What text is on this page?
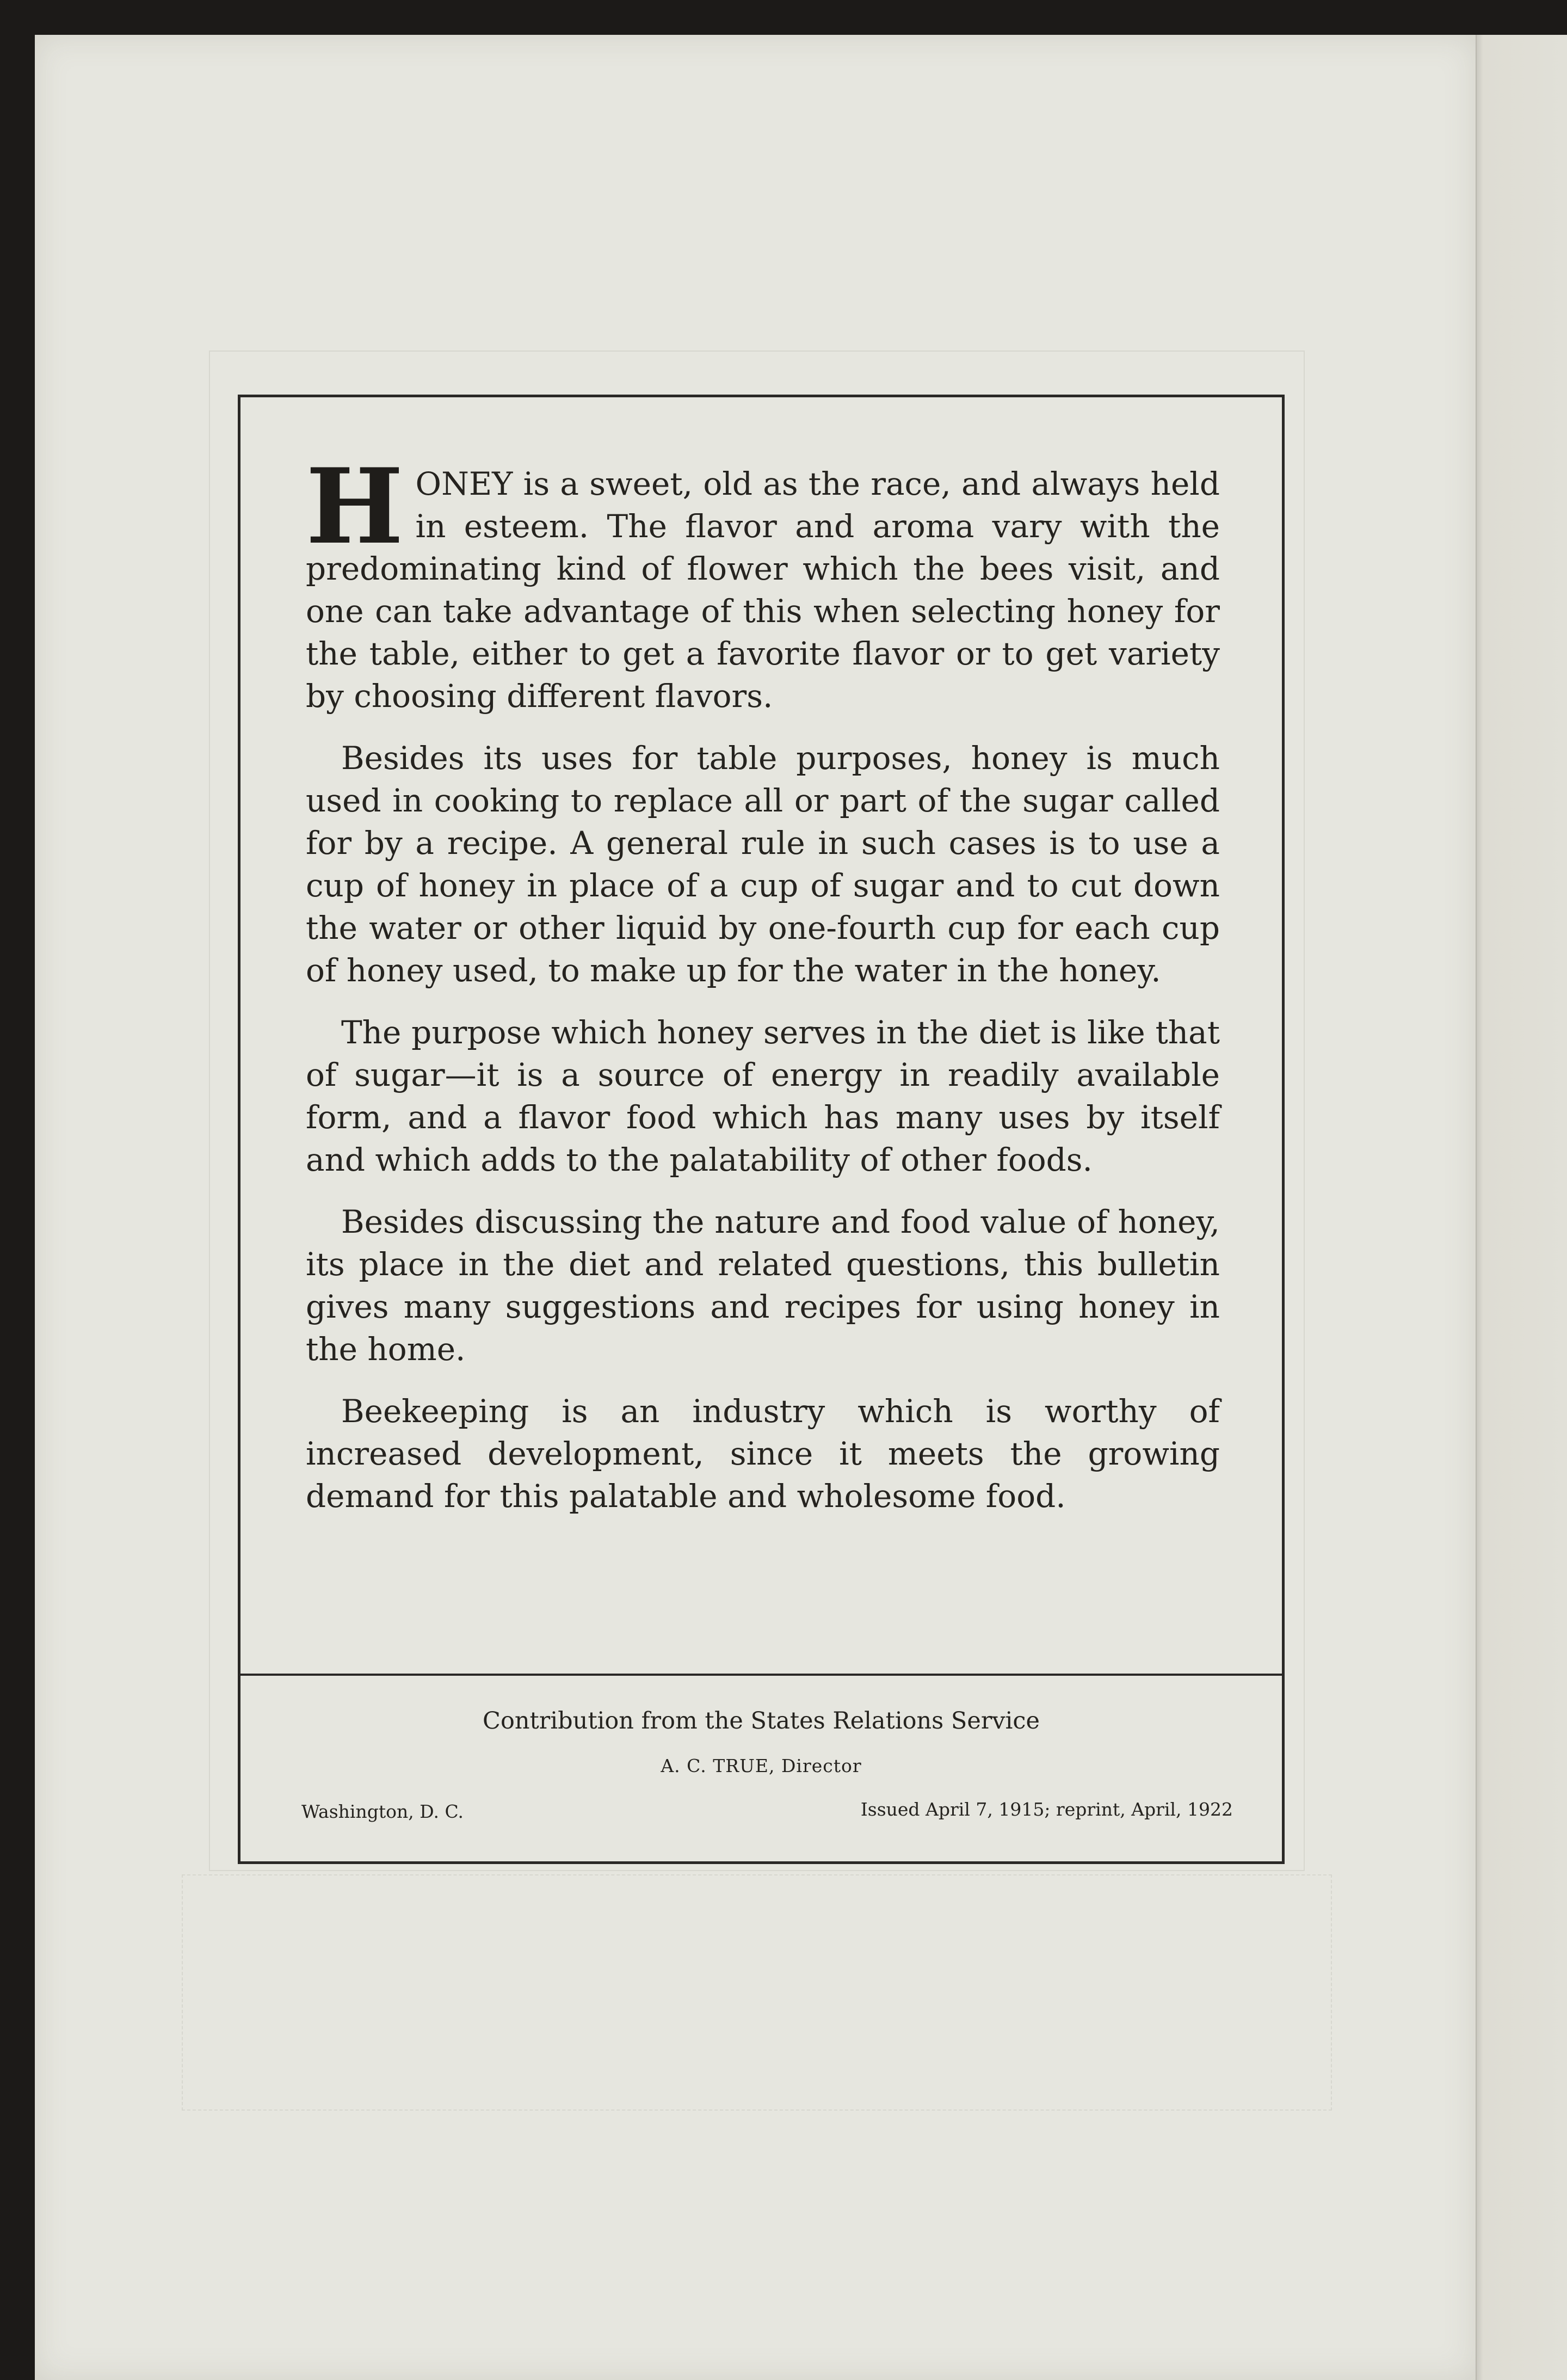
HONEY is a sweet, old as the race, and always held in esteem. The flavor and aroma vary with the predominating kind of flower which the bees visit, and one can take advantage of this when selecting honey for the table, either to get a favorite flavor or to get variety by choosing different flavors.

Besides its uses for table purposes, honey is much used in cooking to replace all or part of the sugar called for by a recipe. A general rule in such cases is to use a cup of honey in place of a cup of sugar and to cut down the water or other liquid by one-fourth cup for each cup of honey used, to make up for the water in the honey.

The purpose which honey serves in the diet is like that of sugar—it is a source of energy in readily available form, and a flavor food which has many uses by itself and which adds to the palatability of other foods.

Besides discussing the nature and food value of honey, its place in the diet and related questions, this bulletin gives many suggestions and recipes for using honey in the home.

Beekeeping is an industry which is worthy of increased development, since it meets the growing demand for this palatable and wholesome food.

Contribution from the States Relations Service
A. C. TRUE, Director
Washington, D. C.	Issued April 7, 1915; reprint, April, 1922
